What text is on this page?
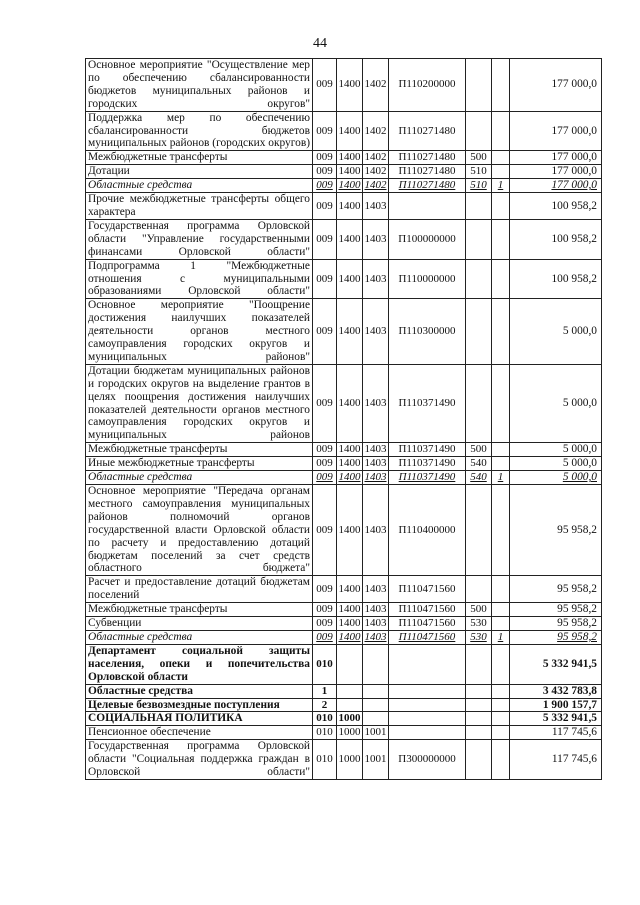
44
Основное мероприятие "Осуществление мер по обеспечению сбалансированности бюджетов муниципальных районов и городских округов"	009	1400	1402	П110200000			177 000,0
Поддержка мер по обеспечению сбалансированности бюджетов муниципальных районов (городских округов)	009	1400	1402	П110271480			177 000,0
Межбюджетные трансферты	009	1400	1402	П110271480	500		177 000,0
Дотации	009	1400	1402	П110271480	510		177 000,0
Областные средства	009	1400	1402	П110271480	510	1	177 000,0
Прочие межбюджетные трансферты общего характера	009	1400	1403				100 958,2
Государственная программа Орловской области "Управление государственными финансами Орловской области"	009	1400	1403	П100000000			100 958,2
Подпрограмма 1 "Межбюджетные отношения с муниципальными образованиями Орловской области"	009	1400	1403	П110000000			100 958,2
Основное мероприятие "Поощрение достижения наилучших показателей деятельности органов местного самоуправления городских округов и муниципальных районов"	009	1400	1403	П110300000			5 000,0
Дотации бюджетам муниципальных районов и городских округов на выделение грантов в целях поощрения достижения наилучших показателей деятельности органов местного самоуправления городских округов и муниципальных районов	009	1400	1403	П110371490			5 000,0
Межбюджетные трансферты	009	1400	1403	П110371490	500		5 000,0
Иные межбюджетные трансферты	009	1400	1403	П110371490	540		5 000,0
Областные средства	009	1400	1403	П110371490	540	1	5 000,0
Основное мероприятие "Передача органам местного самоуправления муниципальных районов полномочий органов государственной власти Орловской области по расчету и предоставлению дотаций бюджетам поселений за счет средств областного бюджета"	009	1400	1403	П110400000			95 958,2
Расчет и предоставление дотаций бюджетам поселений	009	1400	1403	П110471560			95 958,2
Межбюджетные трансферты	009	1400	1403	П110471560	500		95 958,2
Субвенции	009	1400	1403	П110471560	530		95 958,2
Областные средства	009	1400	1403	П110471560	530	1	95 958,2
Департамент социальной защиты населения, опеки и попечительства Орловской области	010						5 332 941,5
Областные средства	1						3 432 783,8
Целевые безвозмездные поступления	2						1 900 157,7
СОЦИАЛЬНАЯ ПОЛИТИКА	010	1000					5 332 941,5
Пенсионное обеспечение	010	1000	1001				117 745,6
Государственная программа Орловской области "Социальная поддержка граждан в Орловской области"	010	1000	1001	П300000000			117 745,6
